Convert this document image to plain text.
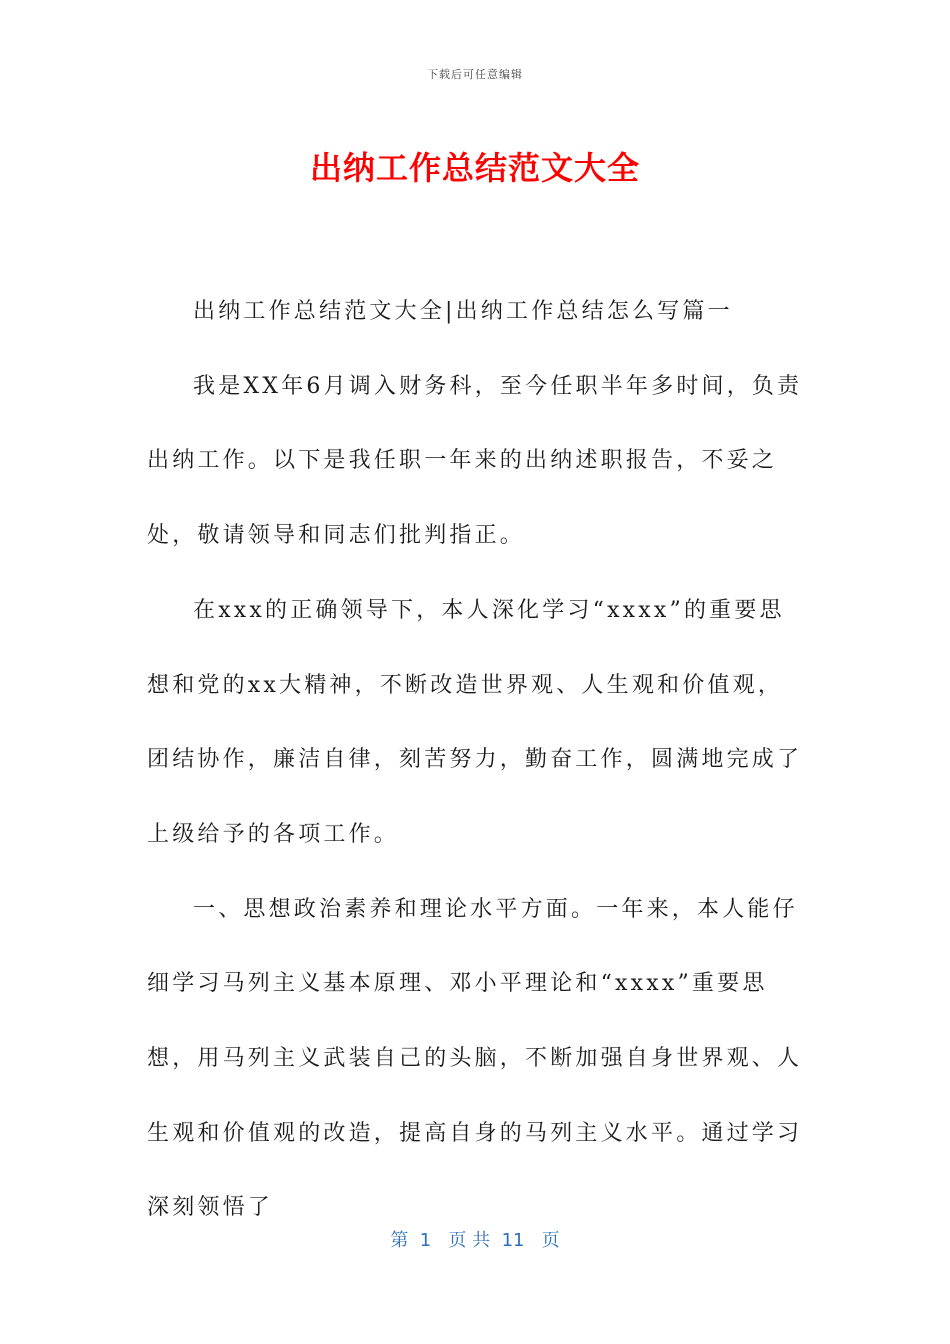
下载后可任意编辑
出纳工作总结范文大全

出纳工作总结范文大全|出纳工作总结怎么写篇一

我是XX年6月调入财务科，至今任职半年多时间，负责出纳工作。以下是我任职一年来的出纳述职报告，不妥之处，敬请领导和同志们批判指正。

在xxx的正确领导下，本人深化学习“xxxx”的重要思想和党的xx大精神，不断改造世界观、人生观和价值观，团结协作，廉洁自律，刻苦努力，勤奋工作，圆满地完成了上级给予的各项工作。

一、思想政治素养和理论水平方面。一年来，本人能仔细学习马列主义基本原理、邓小平理论和“xxxx”重要思想，用马列主义武装自己的头脑，不断加强自身世界观、人生观和价值观的改造，提高自身的马列主义水平。通过学习深刻领悟了

第  1   页 共  11   页
